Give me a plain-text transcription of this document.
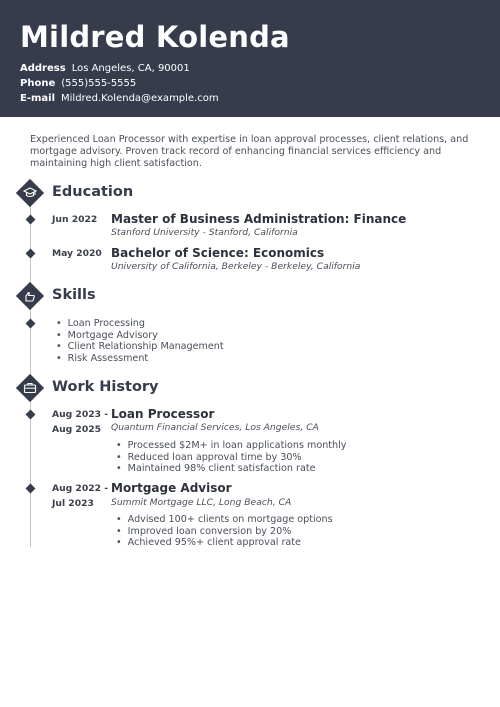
Mildred Kolenda
Address Los Angeles, CA, 90001
Phone (555)555-5555
E-mail Mildred.Kolenda@example.com

Experienced Loan Processor with expertise in loan approval processes, client relations, and mortgage advisory. Proven track record of enhancing financial services efficiency and maintaining high client satisfaction.

Education
Jun 2022 Master of Business Administration: Finance
Stanford University - Stanford, California
May 2020 Bachelor of Science: Economics
University of California, Berkeley - Berkeley, California
Skills
• Loan Processing
• Mortgage Advisory
• Client Relationship Management
• Risk Assessment
Work History
Aug 2023 -
Aug 2025
Loan Processor
Quantum Financial Services, Los Angeles, CA
• Processed $2M+ in loan applications monthly
• Reduced loan approval time by 30%
• Maintained 98% client satisfaction rate
Aug 2022 -
Jul 2023
Mortgage Advisor
Summit Mortgage LLC, Long Beach, CA
• Advised 100+ clients on mortgage options
• Improved loan conversion by 20%
• Achieved 95%+ client approval rate
